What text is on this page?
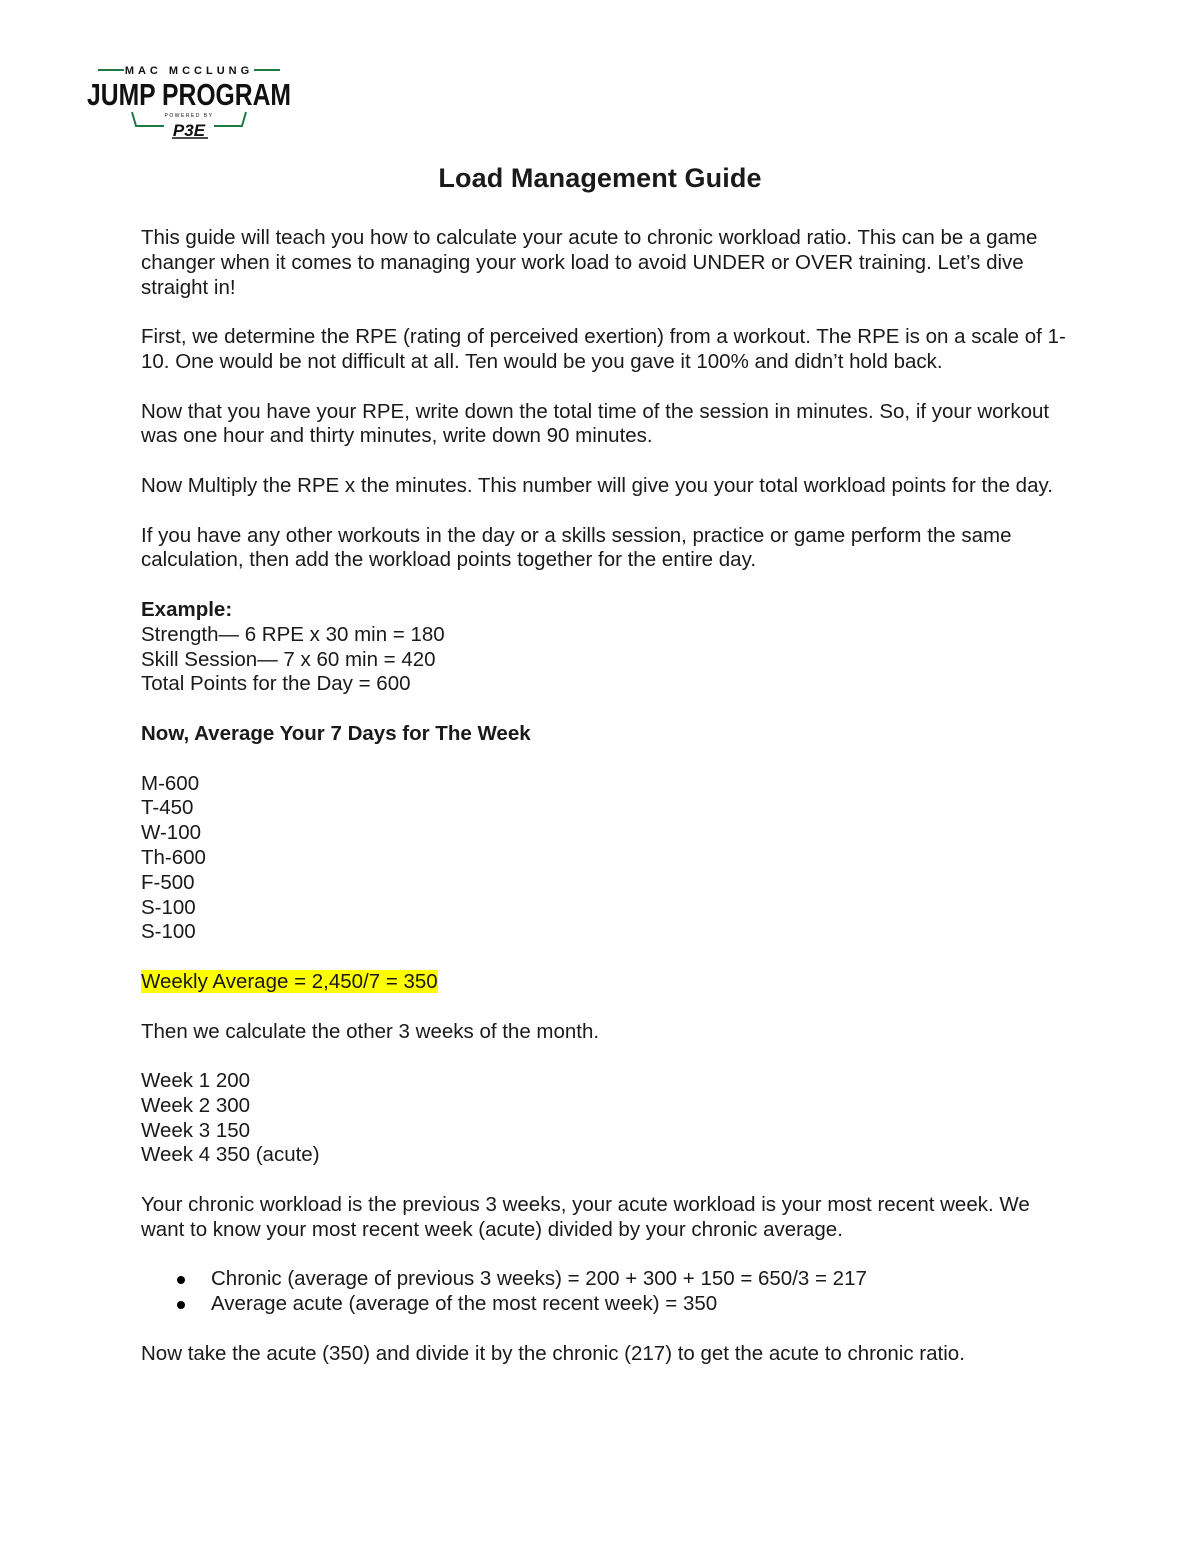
MAC MCCLUNG
JUMP PROGRAM
POWERED BY
P3E
Load Management Guide

This guide will teach you how to calculate your acute to chronic workload ratio. This can be a game changer when it comes to managing your work load to avoid UNDER or OVER training. Let’s dive straight in!

First, we determine the RPE (rating of perceived exertion) from a workout. The RPE is on a scale of 1-10. One would be not difficult at all. Ten would be you gave it 100% and didn’t hold back.

Now that you have your RPE, write down the total time of the session in minutes. So, if your workout was one hour and thirty minutes, write down 90 minutes.

Now Multiply the RPE x the minutes. This number will give you your total workload points for the day.

If you have any other workouts in the day or a skills session, practice or game perform the same calculation, then add the workload points together for the entire day.

Example:
Strength— 6 RPE x 30 min = 180
Skill Session— 7 x 60 min = 420
Total Points for the Day = 600

Now, Average Your 7 Days for The Week

M-600
T-450
W-100
Th-600
F-500
S-100
S-100

Weekly Average = 2,450/7 = 350

Then we calculate the other 3 weeks of the month.

Week 1 200
Week 2 300
Week 3 150
Week 4 350 (acute)

Your chronic workload is the previous 3 weeks, your acute workload is your most recent week. We want to know your most recent week (acute) divided by your chronic average.

Chronic (average of previous 3 weeks) = 200 + 300 + 150 = 650/3 = 217
Average acute (average of the most recent week) = 350

Now take the acute (350) and divide it by the chronic (217) to get the acute to chronic ratio.
